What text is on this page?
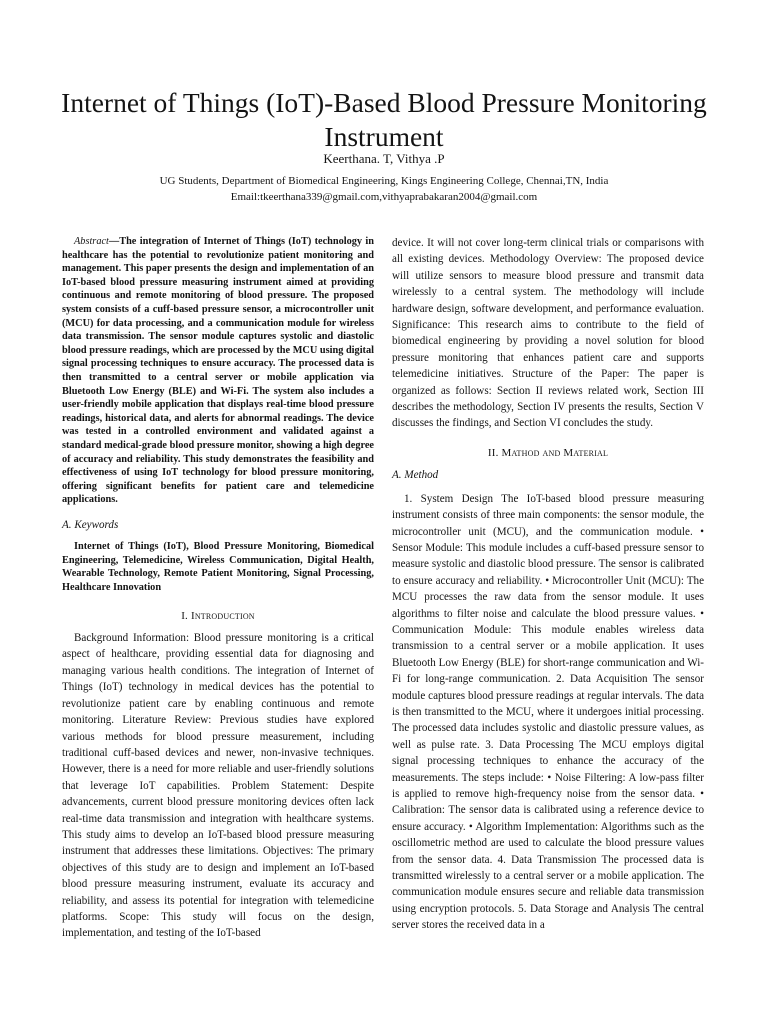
Internet of Things (IoT)-Based Blood Pressure Monitoring Instrument
Keerthana. T, Vithya .P
UG Students, Department of Biomedical Engineering, Kings Engineering College, Chennai,TN, India
Email:tkeerthana339@gmail.com,vithyaprabakaran2004@gmail.com

Abstract—The integration of Internet of Things (IoT) technology in healthcare has the potential to revolutionize patient monitoring and management. This paper presents the design and implementation of an IoT-based blood pressure measuring instrument aimed at providing continuous and remote monitoring of blood pressure. The proposed system consists of a cuff-based pressure sensor, a microcontroller unit (MCU) for data processing, and a communication module for wireless data transmission. The sensor module captures systolic and diastolic blood pressure readings, which are processed by the MCU using digital signal processing techniques to ensure accuracy. The processed data is then transmitted to a central server or mobile application via Bluetooth Low Energy (BLE) and Wi-Fi. The system also includes a user-friendly mobile application that displays real-time blood pressure readings, historical data, and alerts for abnormal readings. The device was tested in a controlled environment and validated against a standard medical-grade blood pressure monitor, showing a high degree of accuracy and reliability. This study demonstrates the feasibility and effectiveness of using IoT technology for blood pressure monitoring, offering significant benefits for patient care and telemedicine applications.

A. Keywords

Internet of Things (IoT), Blood Pressure Monitoring, Biomedical Engineering, Telemedicine, Wireless Communication, Digital Health, Wearable Technology, Remote Patient Monitoring, Signal Processing, Healthcare Innovation

I. Introduction

Background Information: Blood pressure monitoring is a critical aspect of healthcare, providing essential data for diagnosing and managing various health conditions. The integration of Internet of Things (IoT) technology in medical devices has the potential to revolutionize patient care by enabling continuous and remote monitoring. Literature Review: Previous studies have explored various methods for blood pressure measurement, including traditional cuff-based devices and newer, non-invasive techniques. However, there is a need for more reliable and user-friendly solutions that leverage IoT capabilities. Problem Statement: Despite advancements, current blood pressure monitoring devices often lack real-time data transmission and integration with healthcare systems. This study aims to develop an IoT-based blood pressure measuring instrument that addresses these limitations. Objectives: The primary objectives of this study are to design and implement an IoT-based blood pressure measuring instrument, evaluate its accuracy and reliability, and assess its potential for integration with telemedicine platforms. Scope: This study will focus on the design, implementation, and testing of the IoT-based

device. It will not cover long-term clinical trials or comparisons with all existing devices. Methodology Overview: The proposed device will utilize sensors to measure blood pressure and transmit data wirelessly to a central system. The methodology will include hardware design, software development, and performance evaluation. Significance: This research aims to contribute to the field of biomedical engineering by providing a novel solution for blood pressure monitoring that enhances patient care and supports telemedicine initiatives. Structure of the Paper: The paper is organized as follows: Section II reviews related work, Section III describes the methodology, Section IV presents the results, Section V discusses the findings, and Section VI concludes the study.

II. Mathod and Material
A. Method

1. System Design The IoT-based blood pressure measuring instrument consists of three main components: the sensor module, the microcontroller unit (MCU), and the communication module. • Sensor Module: This module includes a cuff-based pressure sensor to measure systolic and diastolic blood pressure. The sensor is calibrated to ensure accuracy and reliability. • Microcontroller Unit (MCU): The MCU processes the raw data from the sensor module. It uses algorithms to filter noise and calculate the blood pressure values. • Communication Module: This module enables wireless data transmission to a central server or a mobile application. It uses Bluetooth Low Energy (BLE) for short-range communication and Wi-Fi for long-range communication. 2. Data Acquisition The sensor module captures blood pressure readings at regular intervals. The data is then transmitted to the MCU, where it undergoes initial processing. The processed data includes systolic and diastolic pressure values, as well as pulse rate. 3. Data Processing The MCU employs digital signal processing techniques to enhance the accuracy of the measurements. The steps include: • Noise Filtering: A low-pass filter is applied to remove high-frequency noise from the sensor data. • Calibration: The sensor data is calibrated using a reference device to ensure accuracy. • Algorithm Implementation: Algorithms such as the oscillometric method are used to calculate the blood pressure values from the sensor data. 4. Data Transmission The processed data is transmitted wirelessly to a central server or a mobile application. The communication module ensures secure and reliable data transmission using encryption protocols. 5. Data Storage and Analysis The central server stores the received data in a
